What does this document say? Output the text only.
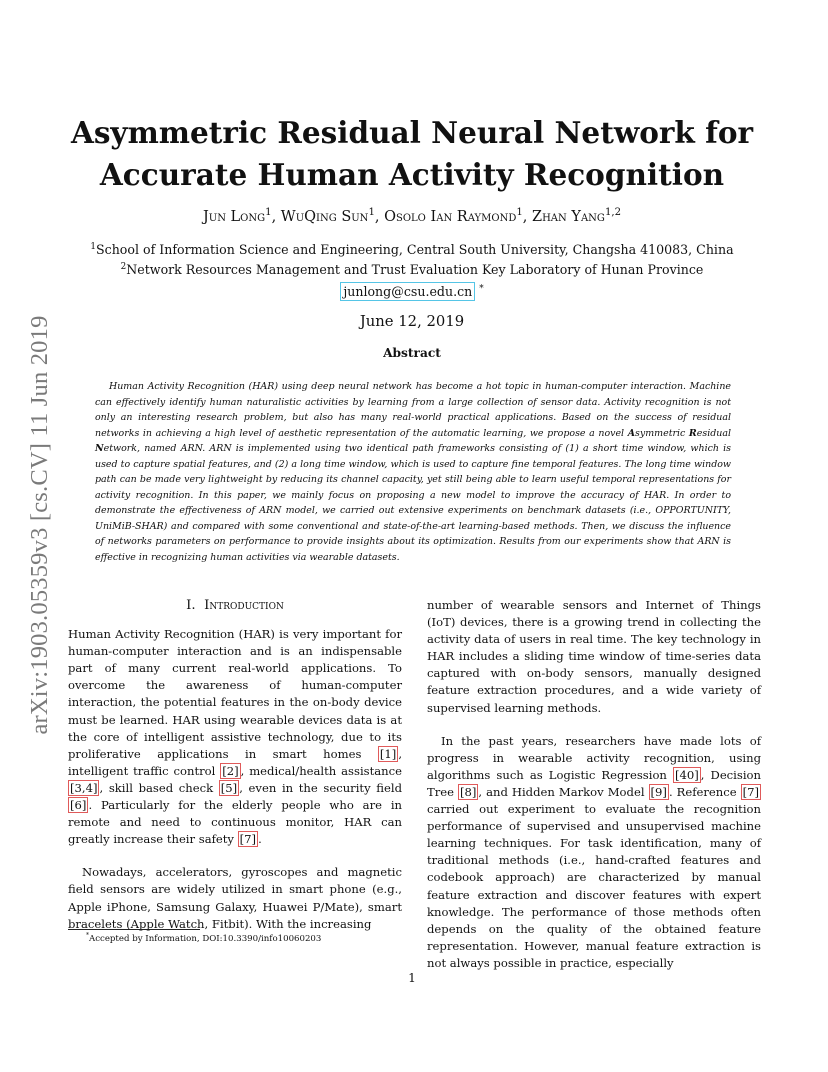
arXiv:1903.05359v3 [cs.CV] 11 Jun 2019
Asymmetric Residual Neural Network for
Accurate Human Activity Recognition
Jun Long$^1$, WuQing Sun$^1$, Osolo Ian Raymond$^1$, Zhan Yang$^{1,2}$
$^1$School of Information Science and Engineering, Central South University, Changsha 410083, China
$^2$Network Resources Management and Trust Evaluation Key Laboratory of Hunan Province
junlong@csu.edu.cn *
June 12, 2019
Abstract

Human Activity Recognition (HAR) using deep neural network has become a hot topic in human-computer interaction. Machine can effectively identify human naturalistic activities by learning from a large collection of sensor data. Activity recognition is not only an interesting research problem, but also has many real-world practical applications. Based on the success of residual networks in achieving a high level of aesthetic representation of the automatic learning, we propose a novel Asymmetric Residual Network, named ARN. ARN is implemented using two identical path frameworks consisting of (1) a short time window, which is used to capture spatial features, and (2) a long time window, which is used to capture fine temporal features. The long time window path can be made very lightweight by reducing its channel capacity, yet still being able to learn useful temporal representations for activity recognition. In this paper, we mainly focus on proposing a new model to improve the accuracy of HAR. In order to demonstrate the effectiveness of ARN model, we carried out extensive experiments on benchmark datasets (i.e., OPPORTUNITY, UniMiB-SHAR) and compared with some conventional and state-of-the-art learning-based methods. Then, we discuss the influence of networks parameters on performance to provide insights about its optimization. Results from our experiments show that ARN is effective in recognizing human activities via wearable datasets.

I. Introduction

Human Activity Recognition (HAR) is very important for human-computer interaction and is an indispensable part of many current real-world applications. To overcome the awareness of human-computer interaction, the potential features in the on-body device must be learned. HAR using wearable devices data is at the core of intelligent assistive technology, due to its proliferative applications in smart homes [1] , intelligent traffic control [2] , medical/health assistance [3,4] , skill based check [5] , even in the security field [6] . Particularly for the elderly people who are in remote and need to continuous monitor, HAR can greatly increase their safety [7] .

Nowadays, accelerators, gyroscopes and magnetic field sensors are widely utilized in smart phone (e.g., Apple iPhone, Samsung Galaxy, Huawei P/Mate), smart bracelets (Apple Watch, Fitbit). With the increasing

number of wearable sensors and Internet of Things (IoT) devices, there is a growing trend in collecting the activity data of users in real time. The key technology in HAR includes a sliding time window of time-series data captured with on-body sensors, manually designed feature extraction procedures, and a wide variety of supervised learning methods.

In the past years, researchers have made lots of progress in wearable activity recognition, using algorithms such as Logistic Regression [40] , Decision Tree [8] , and Hidden Markov Model [9] . Reference [7] carried out experiment to evaluate the recognition performance of supervised and unsupervised machine learning techniques. For task identification, many of traditional methods (i.e., hand-crafted features and codebook approach) are characterized by manual feature extraction and discover features with expert knowledge. The performance of those methods often depends on the quality of the obtained feature representation. However, manual feature extraction is not always possible in practice, especially

*Accepted by Information, DOI:10.3390/info10060203
1
